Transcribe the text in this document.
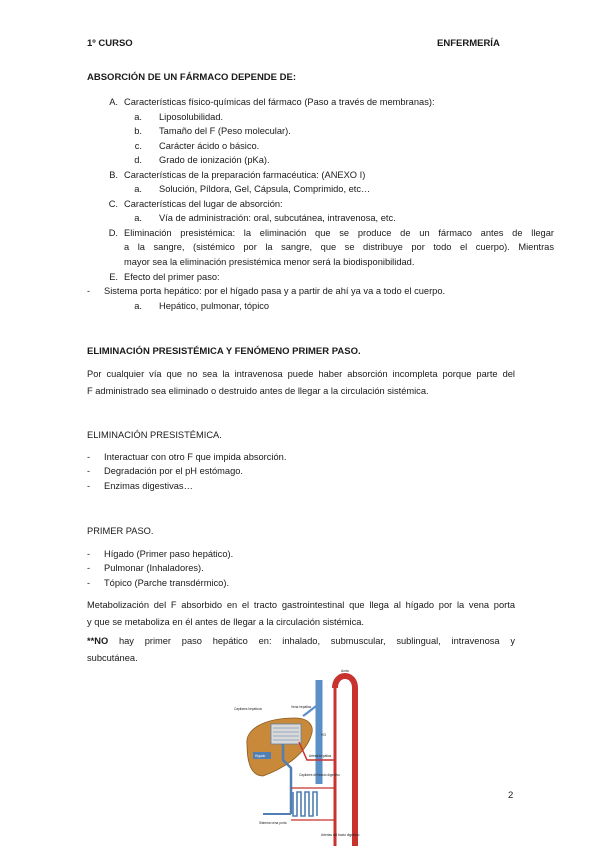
1º CURSO	ENFERMERÍA
ABSORCIÓN DE UN FÁRMACO DEPENDE DE:
A. Características físico-químicas del fármaco (Paso a través de membranas):
a. Liposolubilidad.
b. Tamaño del F (Peso molecular).
c. Carácter ácido o básico.
d. Grado de ionización (pKa).
B. Características de la preparación farmacéutica: (ANEXO I)
a. Solución, Píldora, Gel, Cápsula, Comprimido, etc…
C. Características del lugar de absorción:
a. Vía de administración: oral, subcutánea, intravenosa, etc.
D. Eliminación presistémica: la eliminación que se produce de un fármaco antes de llegar
a la sangre, (sistémico por la sangre, que se distribuye por todo el cuerpo). Mientras
mayor sea la eliminación presistémica menor será la biodisponibilidad.
E. Efecto del primer paso:
- Sistema porta hepático: por el hígado pasa y a partir de ahí ya va a todo el cuerpo.
a. Hepático, pulmonar, tópico
ELIMINACIÓN PRESISTÉMICA Y FENÓMENO PRIMER PASO.
Por cualquier vía que no sea la intravenosa puede haber absorción incompleta porque parte del
F administrado sea eliminado o destruido antes de llegar a la circulación sistémica.
ELIMINACIÓN PRESISTÉMICA.
- Interactuar con otro F que impida absorción.
- Degradación por el pH estómago.
- Enzimas digestivas…
PRIMER PASO.
- Hígado (Primer paso hepático).
- Pulmonar (Inhaladores).
- Tópico (Parche transdérmico).
Metabolización del F absorbido en el tracto gastrointestinal que llega al hígado por la vena porta
y que se metaboliza en él antes de llegar a la circulación sistémica.
**NO hay primer paso hepático en: inhalado, submuscular, sublingual, intravenosa y
subcutánea.
Hígado
Aorta
Vena hepática
Capilares hepáticos
VCI
Arteria hepática
Capilares del tracto digestivo
Sistema vena porta
Arterias del tracto digestivo
2
